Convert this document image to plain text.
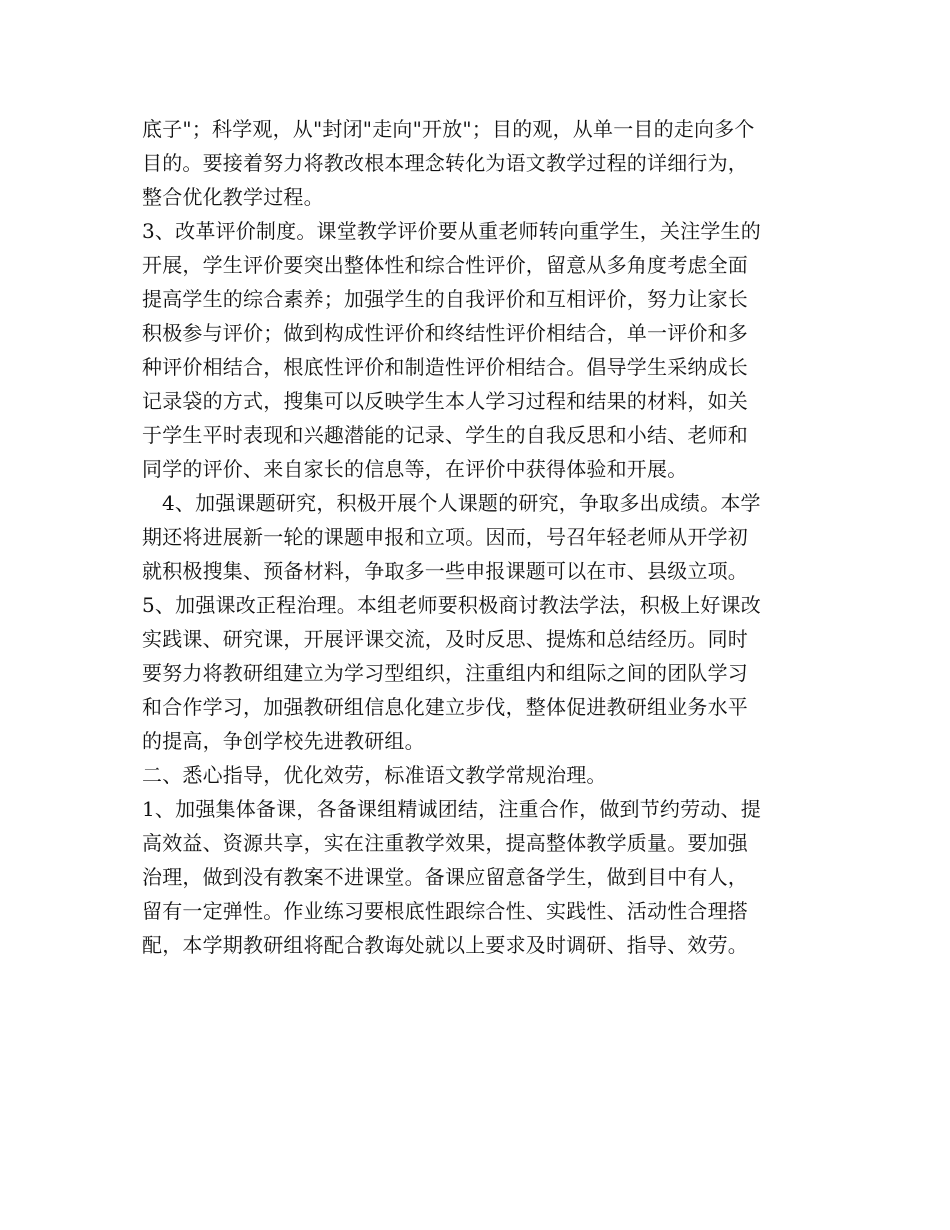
底子"；科学观，从"封闭"走向"开放"；目的观，从单一目的走向多个
目的。要接着努力将教改根本理念转化为语文教学过程的详细行为，
整合优化教学过程。
3、改革评价制度。课堂教学评价要从重老师转向重学生，关注学生的
开展，学生评价要突出整体性和综合性评价，留意从多角度考虑全面
提高学生的综合素养；加强学生的自我评价和互相评价，努力让家长
积极参与评价；做到构成性评价和终结性评价相结合，单一评价和多
种评价相结合，根底性评价和制造性评价相结合。倡导学生采纳成长
记录袋的方式，搜集可以反映学生本人学习过程和结果的材料，如关
于学生平时表现和兴趣潜能的记录、学生的自我反思和小结、老师和
同学的评价、来自家长的信息等，在评价中获得体验和开展。
4、加强课题研究，积极开展个人课题的研究，争取多出成绩。本学
期还将进展新一轮的课题申报和立项。因而，号召年轻老师从开学初
就积极搜集、预备材料，争取多一些申报课题可以在市、县级立项。
5、加强课改正程治理。本组老师要积极商讨教法学法，积极上好课改
实践课、研究课，开展评课交流，及时反思、提炼和总结经历。同时
要努力将教研组建立为学习型组织，注重组内和组际之间的团队学习
和合作学习，加强教研组信息化建立步伐，整体促进教研组业务水平
的提高，争创学校先进教研组。
二、悉心指导，优化效劳，标准语文教学常规治理。
1、加强集体备课，各备课组精诚团结，注重合作，做到节约劳动、提
高效益、资源共享，实在注重教学效果，提高整体教学质量。要加强
治理，做到没有教案不进课堂。备课应留意备学生，做到目中有人，
留有一定弹性。作业练习要根底性跟综合性、实践性、活动性合理搭
配，本学期教研组将配合教诲处就以上要求及时调研、指导、效劳。
